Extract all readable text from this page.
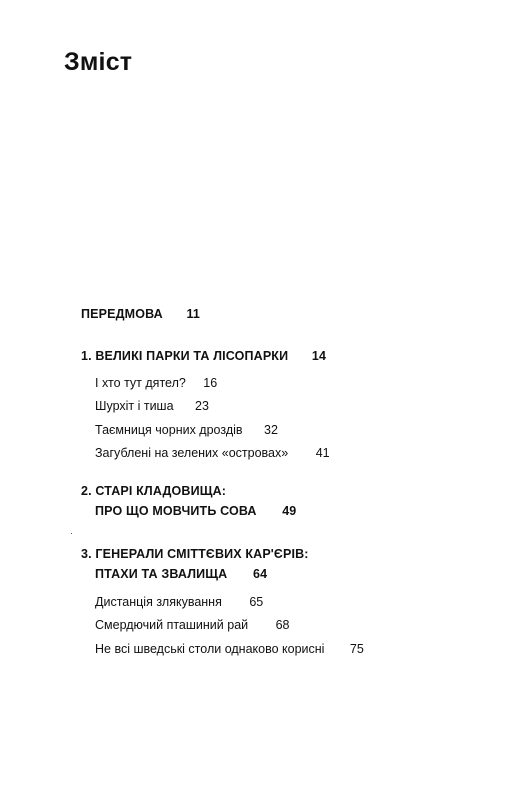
Зміст
ПЕРЕДМОВА 11
1. ВЕЛИКІ ПАРКИ ТА ЛІСОПАРКИ 14
І хто тут дятел? 16
Шурхіт і тиша 23
Таємниця чорних дроздів 32
Загублені на зелених «островах» 41
2. СТАРІ КЛАДОВИЩА:
ПРО ЩО МОВЧИТЬ СОВА 49
3. ГЕНЕРАЛИ СМІТТЄВИХ КАР'ЄРІВ:
ПТАХИ ТА ЗВАЛИЩА 64
Дистанція злякування 65
Смердючий пташиний рай 68
Не всі шведські столи однаково корисні 75
